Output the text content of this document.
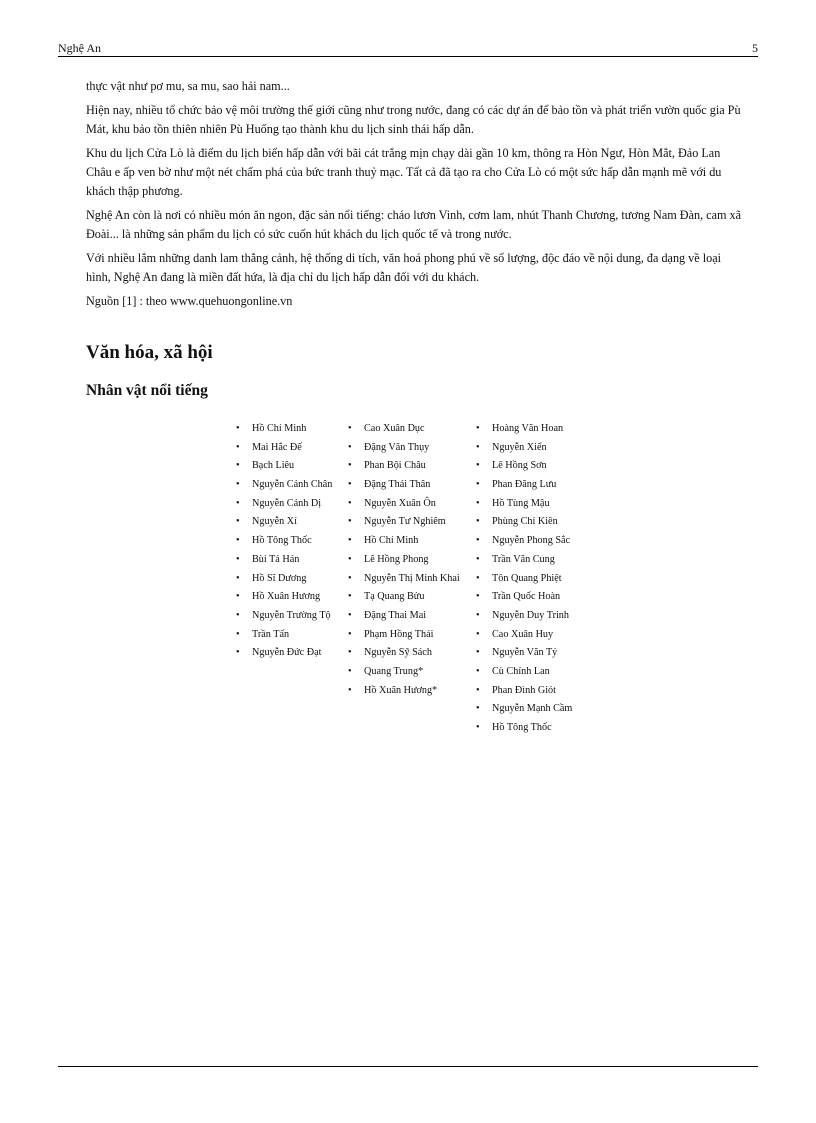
Nghệ An	5

thực vật như pơ mu, sa mu, sao hải nam...

Hiện nay, nhiều tổ chức bảo vệ môi trường thế giới cũng như trong nước, đang có các dự án để bảo tồn và phát triển vườn quốc gia Pù Mát, khu bảo tồn thiên nhiên Pù Huống tạo thành khu du lịch sinh thái hấp dẫn.

Khu du lịch Cửa Lò là điểm du lịch biển hấp dẫn với bãi cát trắng mịn chạy dài gần 10 km, thông ra Hòn Ngư, Hòn Mắt, Đảo Lan Châu e ấp ven bờ như một nét chấm phá của bức tranh thuỷ mạc. Tất cả đã tạo ra cho Cửa Lò có một sức hấp dẫn mạnh mẽ với du khách thập phương.

Nghệ An còn là nơi có nhiều món ăn ngon, đặc sản nổi tiếng: cháo lươn Vinh, cơm lam, nhút Thanh Chương, tương Nam Đàn, cam xã Đoài... là những sản phẩm du lịch có sức cuốn hút khách du lịch quốc tế và trong nước.

Với nhiều lắm những danh lam thắng cảnh, hệ thống di tích, văn hoá phong phú về số lượng, độc đáo về nội dung, đa dạng về loại hình, Nghệ An đang là miền đất hứa, là địa chỉ du lịch hấp dẫn đối với du khách.

Nguồn [1] : theo www.quehuongonline.vn

Văn hóa, xã hội
Nhân vật nổi tiếng
• Hồ Chí Minh
• Mai Hắc Đế
• Bạch Liêu
• Nguyễn Cảnh Chân
• Nguyễn Cảnh Dị
• Nguyễn Xí
• Hồ Tông Thốc
• Bùi Tá Hán
• Hồ Sĩ Dương
• Hồ Xuân Hương
• Nguyễn Trường Tộ
• Trần Tấn
• Nguyễn Đức Đạt
• Cao Xuân Dục
• Đặng Văn Thụy
• Phan Bội Châu
• Đặng Thái Thân
• Nguyễn Xuân Ôn
• Nguyễn Tư Nghiêm
• Hồ Chí Minh
• Lê Hồng Phong
• Nguyễn Thị Minh Khai
• Tạ Quang Bửu
• Đặng Thai Mai
• Phạm Hồng Thái
• Nguyễn Sỹ Sách
• Quang Trung*
• Hồ Xuân Hương*
• Hoàng Văn Hoan
• Nguyễn Xiển
• Lê Hồng Sơn
• Phan Đăng Lưu
• Hồ Tùng Mậu
• Phùng Chí Kiên
• Nguyễn Phong Sắc
• Trần Văn Cung
• Tôn Quang Phiệt
• Trần Quốc Hoàn
• Nguyễn Duy Trinh
• Cao Xuân Huy
• Nguyễn Văn Tý
• Cù Chính Lan
• Phan Đình Giót
• Nguyễn Mạnh Cầm
• Hồ Tông Thốc
